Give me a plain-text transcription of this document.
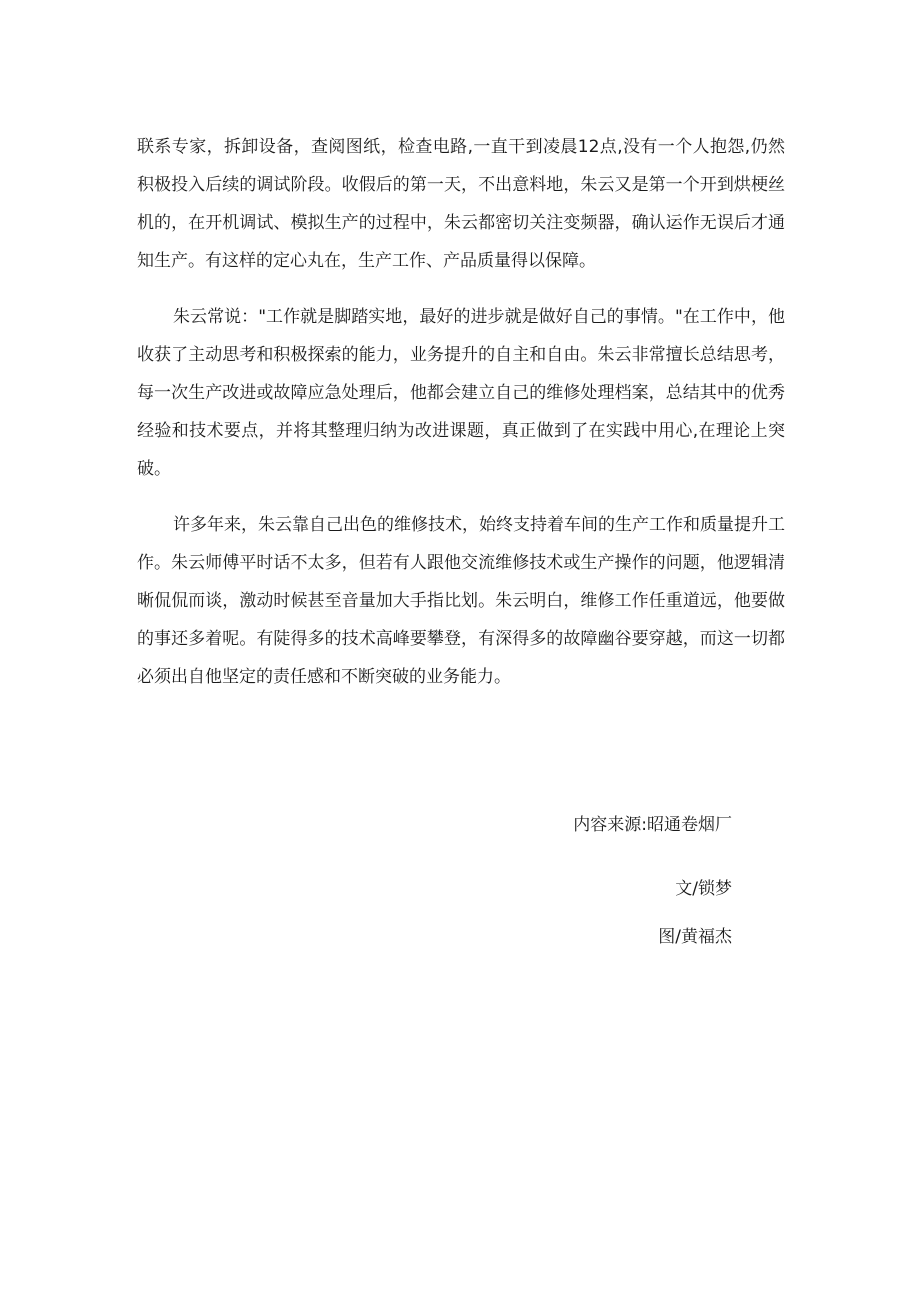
联系专家，拆卸设备，查阅图纸，检查电路,一直干到凌晨12点,没有一个人抱怨,仍然积极投入后续的调试阶段。收假后的第一天，不出意料地，朱云又是第一个开到烘梗丝机的，在开机调试、模拟生产的过程中，朱云都密切关注变频器，确认运作无误后才通知生产。有这样的定心丸在，生产工作、产品质量得以保障。

朱云常说："工作就是脚踏实地，最好的进步就是做好自己的事情。"在工作中，他收获了主动思考和积极探索的能力，业务提升的自主和自由。朱云非常擅长总结思考，每一次生产改进或故障应急处理后，他都会建立自己的维修处理档案，总结其中的优秀经验和技术要点，并将其整理归纳为改进课题，真正做到了在实践中用心,在理论上突破。

许多年来，朱云靠自己出色的维修技术，始终支持着车间的生产工作和质量提升工作。朱云师傅平时话不太多，但若有人跟他交流维修技术或生产操作的问题，他逻辑清晰侃侃而谈，激动时候甚至音量加大手指比划。朱云明白，维修工作任重道远，他要做的事还多着呢。有陡得多的技术高峰要攀登，有深得多的故障幽谷要穿越，而这一切都必须出自他坚定的责任感和不断突破的业务能力。

内容来源:昭通卷烟厂
文/锁梦
图/黄福杰
